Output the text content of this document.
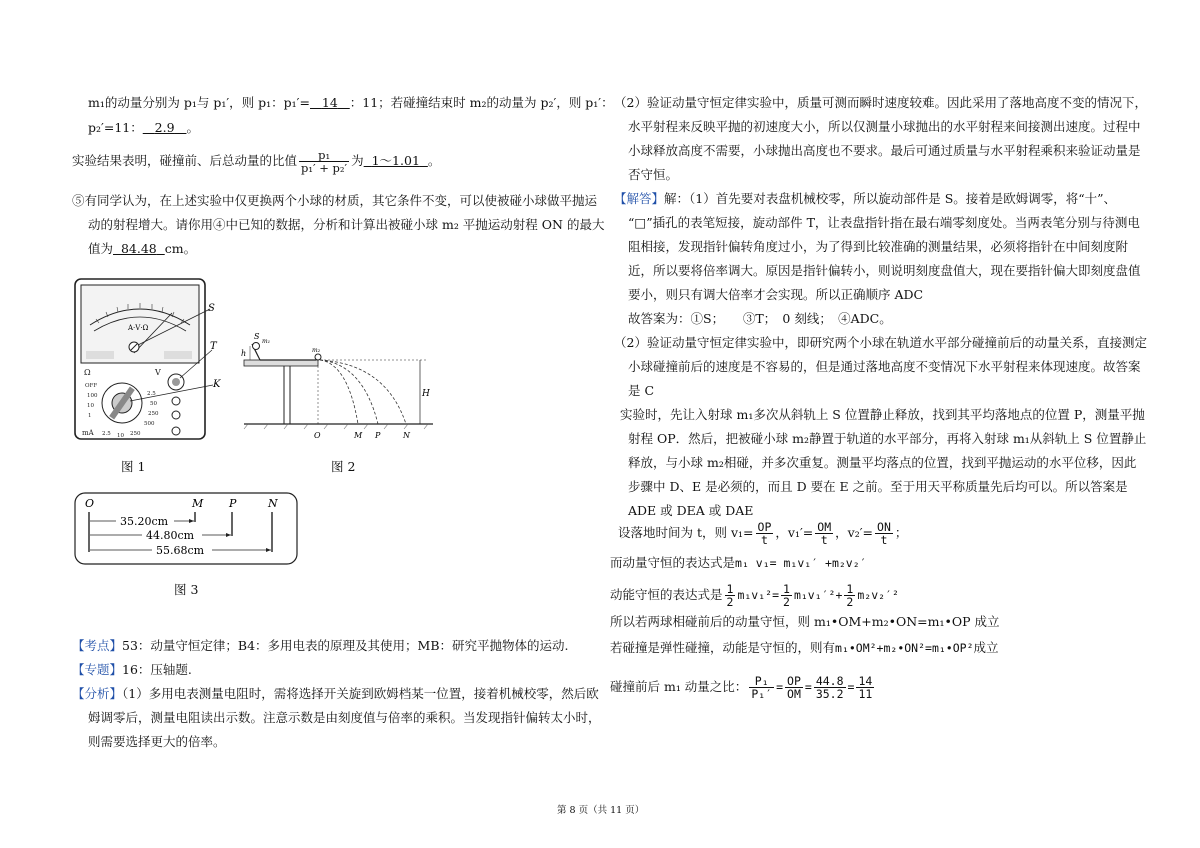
m₁的动量分别为 p₁与 p₁′，则 p₁：p₁′= 14 ：11；若碰撞结束时 m₂的动量为 p₂′，则 p₁′：
p₂′=11： 2.9 。
实验结果表明，碰撞前、后总动量的比值 $\frac{\text{p₁}}{\text{p₁′ + p₂′}}$ 为 1～1.01 。
⑤有同学认为，在上述实验中仅更换两个小球的材质，其它条件不变，可以使被碰小球做平抛运
动的射程增大。请你用④中已知的数据，分析和计算出被碰小球 m₂ 平抛运动射程 ON 的最大
值为 84.48 cm。
A·V·Ω
S
Ω
OFF
mA
V
100
10
1
2.5
50
250
500
2.5 10 250
T
K
图 1
h
S
m₁
m₂
H
O	M P	N
图 2
O	M P	N
35.20cm
44.80cm
55.68cm
图 3
【考点】53：动量守恒定律；B4：多用电表的原理及其使用；MB：研究平抛物体的运动.
【专题】16：压轴题.
【分析】（1）多用电表测量电阻时，需将选择开关旋到欧姆档某一位置，接着机械校零，然后欧
姆调零后，测量电阻读出示数。注意示数是由刻度值与倍率的乘积。当发现指针偏转太小时，
则需要选择更大的倍率。
（2）验证动量守恒定律实验中，质量可测而瞬时速度较难。因此采用了落地高度不变的情况下，
水平射程来反映平抛的初速度大小，所以仅测量小球抛出的水平射程来间接测出速度。过程中
小球释放高度不需要，小球抛出高度也不要求。最后可通过质量与水平射程乘积来验证动量是
否守恒。
【解答】解：（1）首先要对表盘机械校零，所以旋动部件是 S。接着是欧姆调零，将“十”、
“□”插孔的表笔短接，旋动部件 T，让表盘指针指在最右端零刻度处。当两表笔分别与待测电
阻相接，发现指针偏转角度过小，为了得到比较准确的测量结果，必须将指针在中间刻度附
近，所以要将倍率调大。原因是指针偏转小，则说明刻度盘值大，现在要指针偏大即刻度盘值
要小，则只有调大倍率才会实现。所以正确顺序 ADC
故答案为：①S；　　③T；　0 刻线；　④ADC。
（2）验证动量守恒定律实验中，即研究两个小球在轨道水平部分碰撞前后的动量关系，直接测定
小球碰撞前后的速度是不容易的，但是通过落地高度不变情况下水平射程来体现速度。故答案
是 C
实验时，先让入射球 m₁多次从斜轨上 S 位置静止释放，找到其平均落地点的位置 P，测量平抛
射程 OP．然后，把被碰小球 m₂静置于轨道的水平部分，再将入射球 m₁从斜轨上 S 位置静止
释放，与小球 m₂相碰，并多次重复。测量平均落点的位置，找到平抛运动的水平位移，因此
步骤中 D、E 是必须的，而且 D 要在 E 之前。至于用天平称质量先后均可以。所以答案是
ADE 或 DEA 或 DAE
设落地时间为 t，则 $v_1= \frac{OP}{t}$ ，$v_1'= \frac{OM}{t}$ ，$v_2'= \frac{ON}{t}$ ；
而动量守恒的表达式是m₁ v₁= m₁v₁′ +m₂v₂′
动能守恒的表达式是 $\frac{1}{2} m_1v_1^2= \frac{1}{2} m_1v_1'^2+ \frac{1}{2} m_2v_2'^2$
所以若两球相碰前后的动量守恒，则 m₁•OM+m₂•ON=m₁•OP 成立
若碰撞是弹性碰撞，动能是守恒的，则有m₁•OM²+m₂•ON²=m₁•OP²成立
碰撞前后 m₁ 动量之比： $\frac{\text{P₁}}{\text{P₁′}} = \frac{OP}{OM} = \frac{44.8}{35.2} = \frac{14}{11}$
第 8 页（共 11 页）
